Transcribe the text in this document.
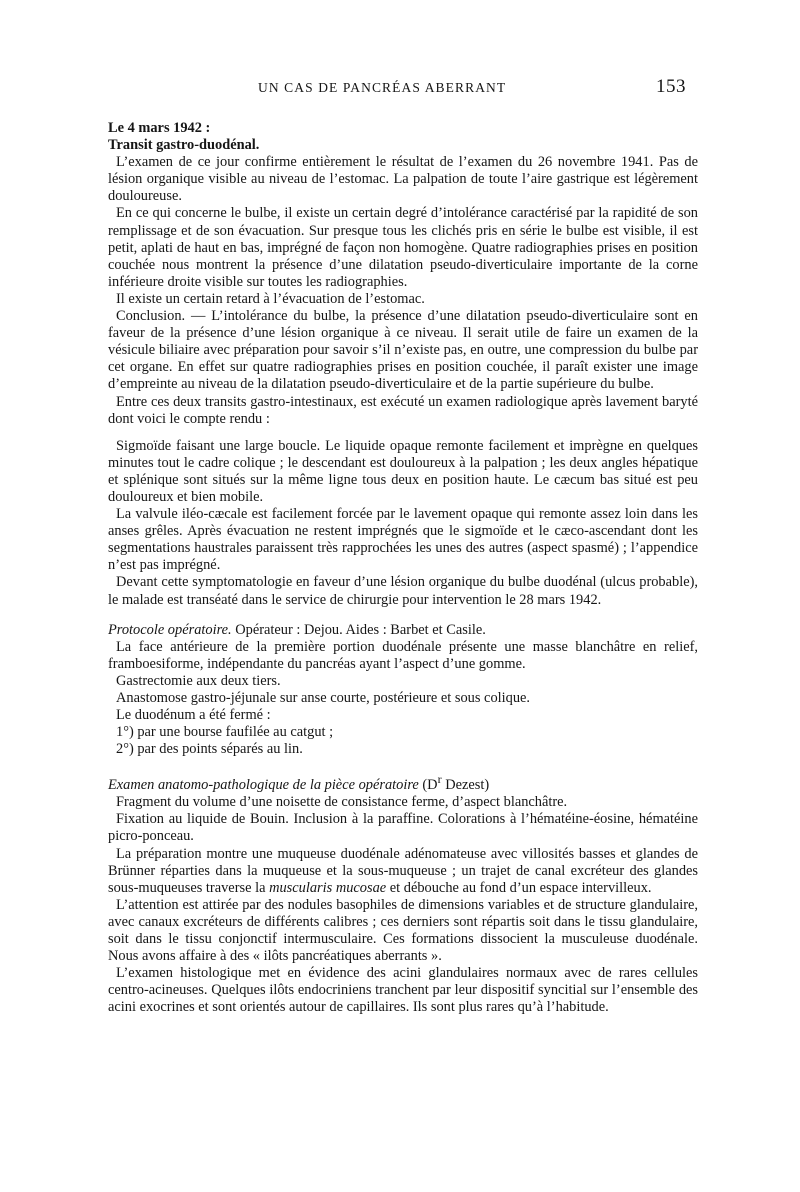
UN CAS DE PANCRÉAS ABERRANT	153

Le 4 mars 1942 :

Transit gastro-duodénal.

L’examen de ce jour confirme entièrement le résultat de l’examen du 26 novembre 1941. Pas de lésion organique visible au niveau de l’estomac. La palpation de toute l’aire gastrique est légèrement douloureuse.

En ce qui concerne le bulbe, il existe un certain degré d’intolérance caractérisé par la rapidité de son remplissage et de son évacuation. Sur presque tous les clichés pris en série le bulbe est visible, il est petit, aplati de haut en bas, imprégné de façon non homogène. Quatre radiographies prises en position couchée nous montrent la présence d’une dilatation pseudo-diverticulaire importante de la corne inférieure droite visible sur toutes les radiographies.

Il existe un certain retard à l’évacuation de l’estomac.

Conclusion. — L’intolérance du bulbe, la présence d’une dilatation pseudo-diverticulaire sont en faveur de la présence d’une lésion organique à ce niveau. Il serait utile de faire un examen de la vésicule biliaire avec préparation pour savoir s’il n’existe pas, en outre, une compression du bulbe par cet organe. En effet sur quatre radiographies prises en position couchée, il paraît exister une image d’empreinte au niveau de la dilatation pseudo-diverticulaire et de la partie supérieure du bulbe.

Entre ces deux transits gastro-intestinaux, est exécuté un examen radiologique après lavement baryté dont voici le compte rendu :

Sigmoïde faisant une large boucle. Le liquide opaque remonte facilement et imprègne en quelques minutes tout le cadre colique ; le descendant est douloureux à la palpation ; les deux angles hépatique et splénique sont situés sur la même ligne tous deux en position haute. Le cæcum bas situé est peu douloureux et bien mobile.

La valvule iléo-cæcale est facilement forcée par le lavement opaque qui remonte assez loin dans les anses grêles. Après évacuation ne restent imprégnés que le sigmoïde et le cæco-ascendant dont les segmentations haustrales paraissent très rapprochées les unes des autres (aspect spasmé) ; l’appendice n’est pas imprégné.

Devant cette symptomatologie en faveur d’une lésion organique du bulbe duodénal (ulcus probable), le malade est transéaté dans le service de chirurgie pour intervention le 28 mars 1942.

Protocole opératoire. Opérateur : Dejou. Aides : Barbet et Casile.

La face antérieure de la première portion duodénale présente une masse blanchâtre en relief, framboesiforme, indépendante du pancréas ayant l’aspect d’une gomme.

Gastrectomie aux deux tiers.

Anastomose gastro-jéjunale sur anse courte, postérieure et sous colique.

Le duodénum a été fermé :

1°) par une bourse faufilée au catgut ;

2°) par des points séparés au lin.

Examen anatomo-pathologique de la pièce opératoire ($D^r$ Dezest)

Fragment du volume d’une noisette de consistance ferme, d’aspect blanchâtre.

Fixation au liquide de Bouin. Inclusion à la paraffine. Colorations à l’hématéine-éosine, hématéine picro-ponceau.

La préparation montre une muqueuse duodénale adénomateuse avec villosités basses et glandes de Brünner réparties dans la muqueuse et la sous-muqueuse ; un trajet de canal excréteur des glandes sous-muqueuses traverse la muscularis mucosae et débouche au fond d’un espace intervilleux.

L’attention est attirée par des nodules basophiles de dimensions variables et de structure glandulaire, avec canaux excréteurs de différents calibres ; ces derniers sont répartis soit dans le tissu glandulaire, soit dans le tissu conjonctif intermusculaire. Ces formations dissocient la musculeuse duodénale. Nous avons affaire à des « ilôts pancréatiques aberrants ».

L’examen histologique met en évidence des acini glandulaires normaux avec de rares cellules centro-acineuses. Quelques ilôts endocriniens tranchent par leur dispositif syncitial sur l’ensemble des acini exocrines et sont orientés autour de capillaires. Ils sont plus rares qu’à l’habitude.
